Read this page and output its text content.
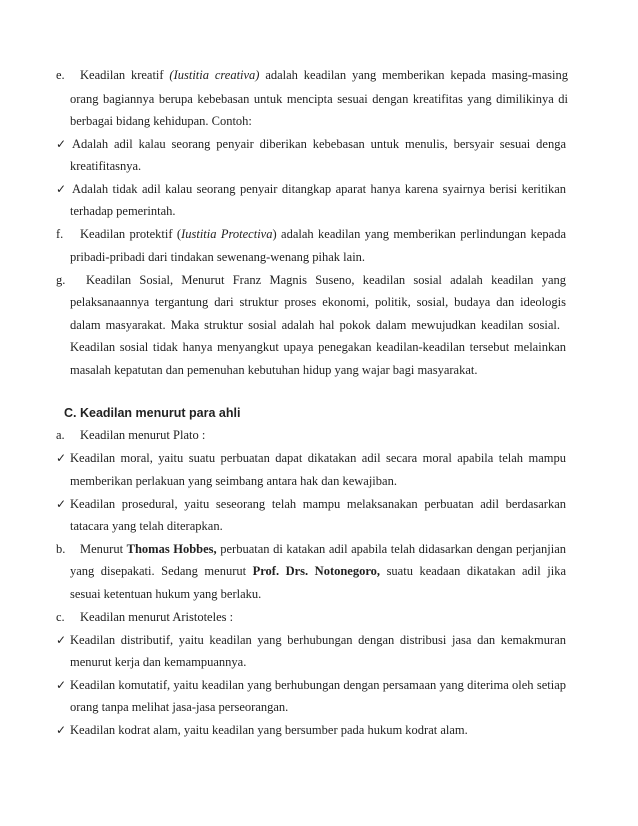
e. Keadilan kreatif (Iustitia creativa) adalah keadilan yang memberikan kepada masing-masing
orang bagiannya berupa kebebasan untuk mencipta sesuai dengan kreatifitas yang dimilikinya di
berbagai bidang kehidupan. Contoh:
✓ Adalah adil kalau seorang penyair diberikan kebebasan untuk menulis, bersyair sesuai denga
kreatifitasnya.
✓ Adalah tidak adil kalau seorang penyair ditangkap aparat hanya karena syairnya berisi keritikan
terhadap pemerintah.
f. Keadilan protektif (Iustitia Protectiva) adalah keadilan yang memberikan perlindungan kepada
pribadi-pribadi dari tindakan sewenang-wenang pihak lain.
g. Keadilan Sosial, Menurut Franz Magnis Suseno, keadilan sosial adalah keadilan yang
pelaksanaannya tergantung dari struktur proses ekonomi, politik, sosial, budaya dan ideologis
dalam masyarakat. Maka struktur sosial adalah hal pokok dalam mewujudkan keadilan sosial.
Keadilan sosial tidak hanya menyangkut upaya penegakan keadilan-keadilan tersebut melainkan
masalah kepatutan dan pemenuhan kebutuhan hidup yang wajar bagi masyarakat.
C. Keadilan menurut para ahli
a. Keadilan menurut Plato :
✓ Keadilan moral, yaitu suatu perbuatan dapat dikatakan adil secara moral apabila telah mampu
memberikan perlakuan yang seimbang antara hak dan kewajiban.
✓ Keadilan prosedural, yaitu seseorang telah mampu melaksanakan perbuatan adil berdasarkan
tatacara yang telah diterapkan.
b. Menurut Thomas Hobbes, perbuatan di katakan adil apabila telah didasarkan dengan perjanjian
yang disepakati. Sedang menurut Prof. Drs. Notonegoro, suatu keadaan dikatakan adil jika
sesuai ketentuan hukum yang berlaku.
c. Keadilan menurut Aristoteles :
✓ Keadilan distributif, yaitu keadilan yang berhubungan dengan distribusi jasa dan kemakmuran
menurut kerja dan kemampuannya.
✓ Keadilan komutatif, yaitu keadilan yang berhubungan dengan persamaan yang diterima oleh setiap
orang tanpa melihat jasa-jasa perseorangan.
✓ Keadilan kodrat alam, yaitu keadilan yang bersumber pada hukum kodrat alam.
